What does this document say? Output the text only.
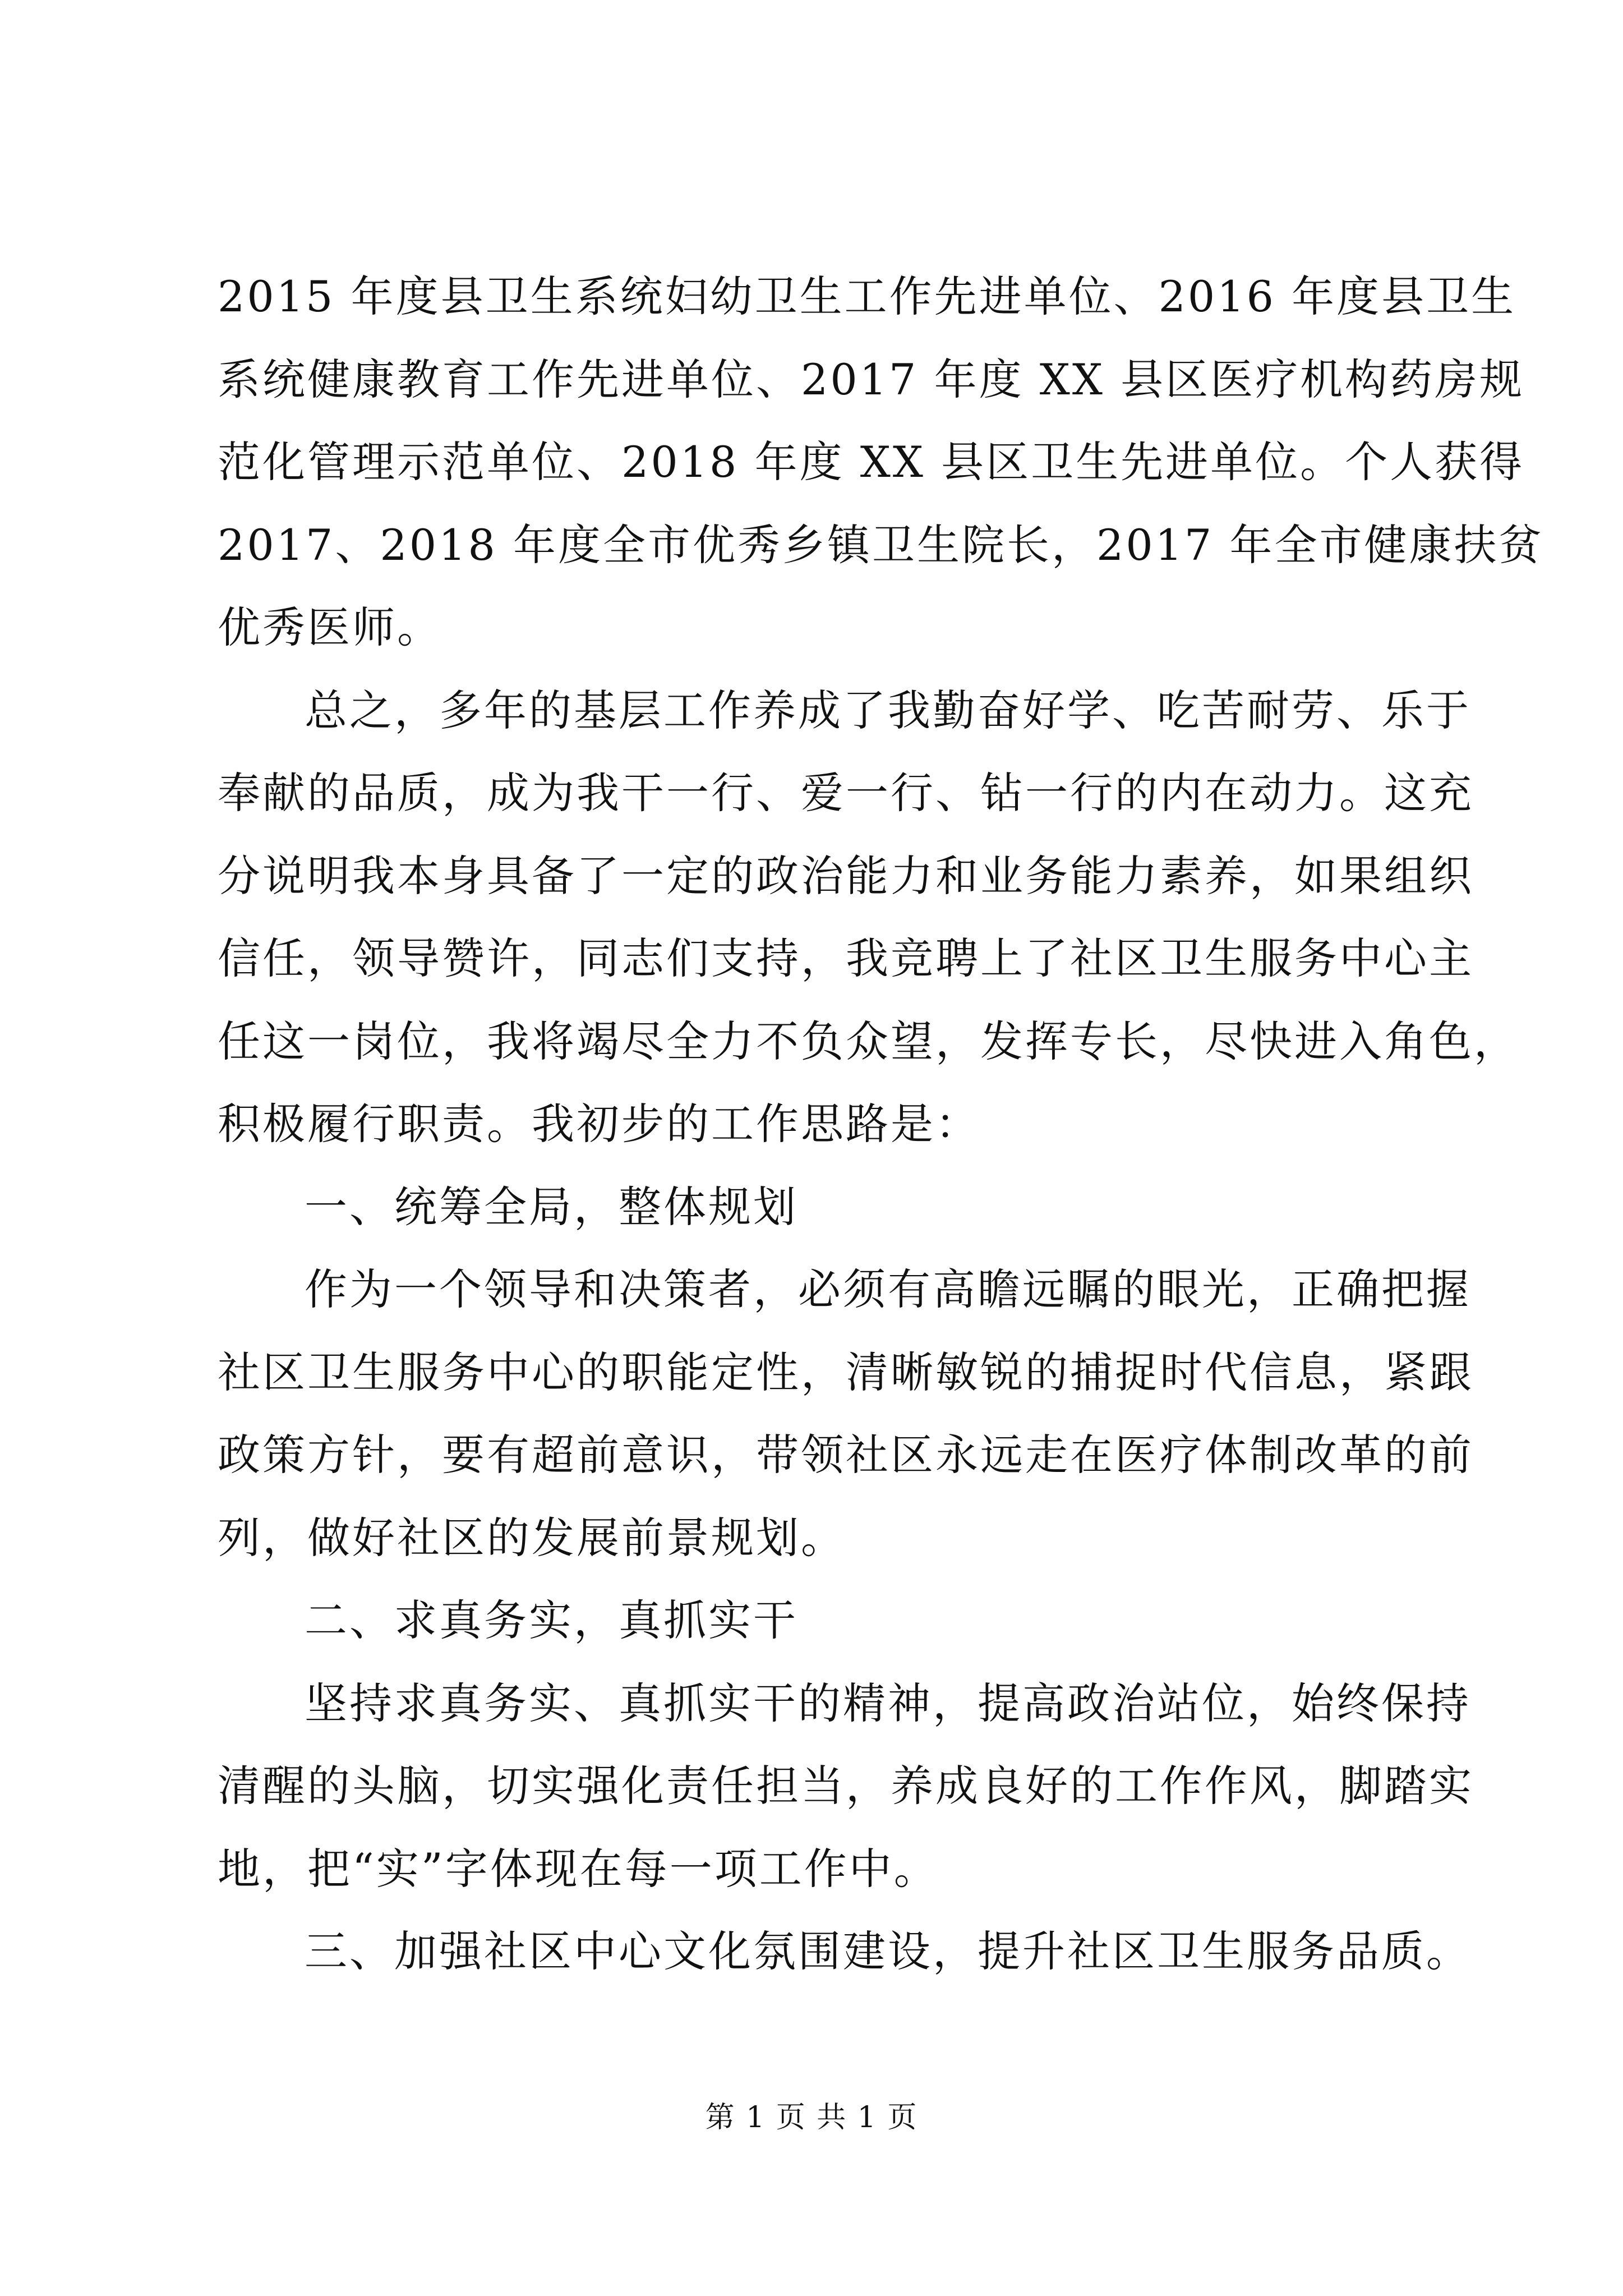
2015 年度县卫生系统妇幼卫生工作先进单位、2016 年度县卫生
系统健康教育工作先进单位、2017 年度 XX 县区医疗机构药房规
范化管理示范单位、2018 年度 XX 县区卫生先进单位。个人获得
2017、2018 年度全市优秀乡镇卫生院长，2017 年全市健康扶贫
优秀医师。
总之，多年的基层工作养成了我勤奋好学、吃苦耐劳、乐于
奉献的品质，成为我干一行、爱一行、钻一行的内在动力。这充
分说明我本身具备了一定的政治能力和业务能力素养，如果组织
信任，领导赞许，同志们支持，我竞聘上了社区卫生服务中心主
任这一岗位，我将竭尽全力不负众望，发挥专长，尽快进入角色，
积极履行职责。我初步的工作思路是：
一、统筹全局，整体规划
作为一个领导和决策者，必须有高瞻远瞩的眼光，正确把握
社区卫生服务中心的职能定性，清晰敏锐的捕捉时代信息，紧跟
政策方针，要有超前意识，带领社区永远走在医疗体制改革的前
列，做好社区的发展前景规划。
二、求真务实，真抓实干
坚持求真务实、真抓实干的精神，提高政治站位，始终保持
清醒的头脑，切实强化责任担当，养成良好的工作作风，脚踏实
地，把“实”字体现在每一项工作中。
三、加强社区中心文化氛围建设，提升社区卫生服务品质。
第 1 页 共 1 页
